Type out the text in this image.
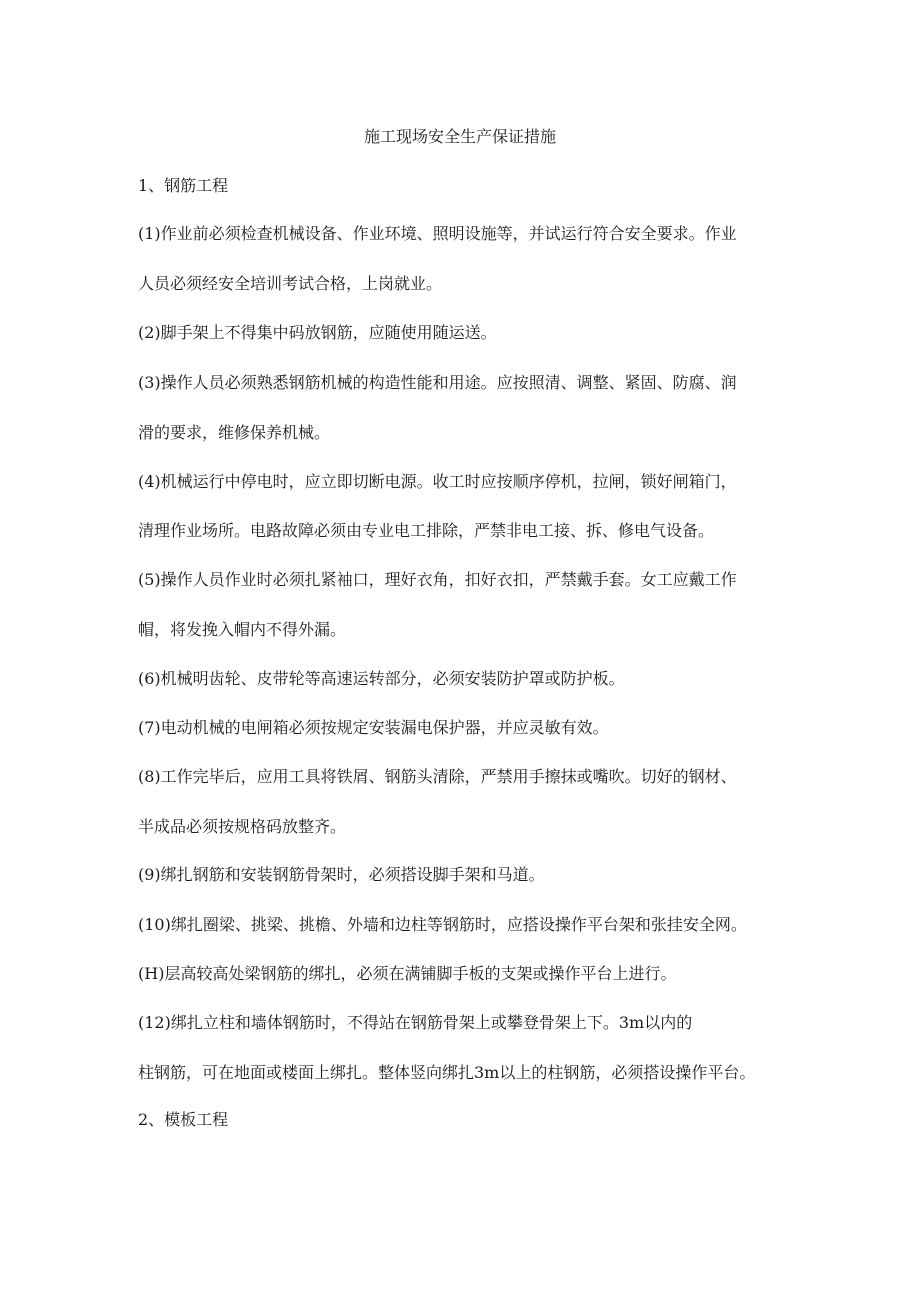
施工现场安全生产保证措施
1、钢筋工程
(1)作业前必须检查机械设备、作业环境、照明设施等，并试运行符合安全要求。作业
人员必须经安全培训考试合格，上岗就业。
(2)脚手架上不得集中码放钢筋，应随使用随运送。
(3)操作人员必须熟悉钢筋机械的构造性能和用途。应按照清、调整、紧固、防腐、润
滑的要求，维修保养机械。
(4)机械运行中停电时，应立即切断电源。收工时应按顺序停机，拉闸，锁好闸箱门，
清理作业场所。电路故障必须由专业电工排除，严禁非电工接、拆、修电气设备。
(5)操作人员作业时必须扎紧袖口，理好衣角，扣好衣扣，严禁戴手套。女工应戴工作
帽，将发挽入帽内不得外漏。
(6)机械明齿轮、皮带轮等高速运转部分，必须安装防护罩或防护板。
(7)电动机械的电闸箱必须按规定安装漏电保护器，并应灵敏有效。
(8)工作完毕后，应用工具将铁屑、钢筋头清除，严禁用手擦抹或嘴吹。切好的钢材、
半成品必须按规格码放整齐。
(9)绑扎钢筋和安装钢筋骨架时，必须搭设脚手架和马道。
(10)绑扎圈梁、挑梁、挑檐、外墙和边柱等钢筋时，应搭设操作平台架和张挂安全网。
(H)层高较高处梁钢筋的绑扎，必须在满铺脚手板的支架或操作平台上进行。
(12)绑扎立柱和墙体钢筋时，不得站在钢筋骨架上或攀登骨架上下。3m以内的
柱钢筋，可在地面或楼面上绑扎。整体竖向绑扎3m以上的柱钢筋，必须搭设操作平台。
2、模板工程
